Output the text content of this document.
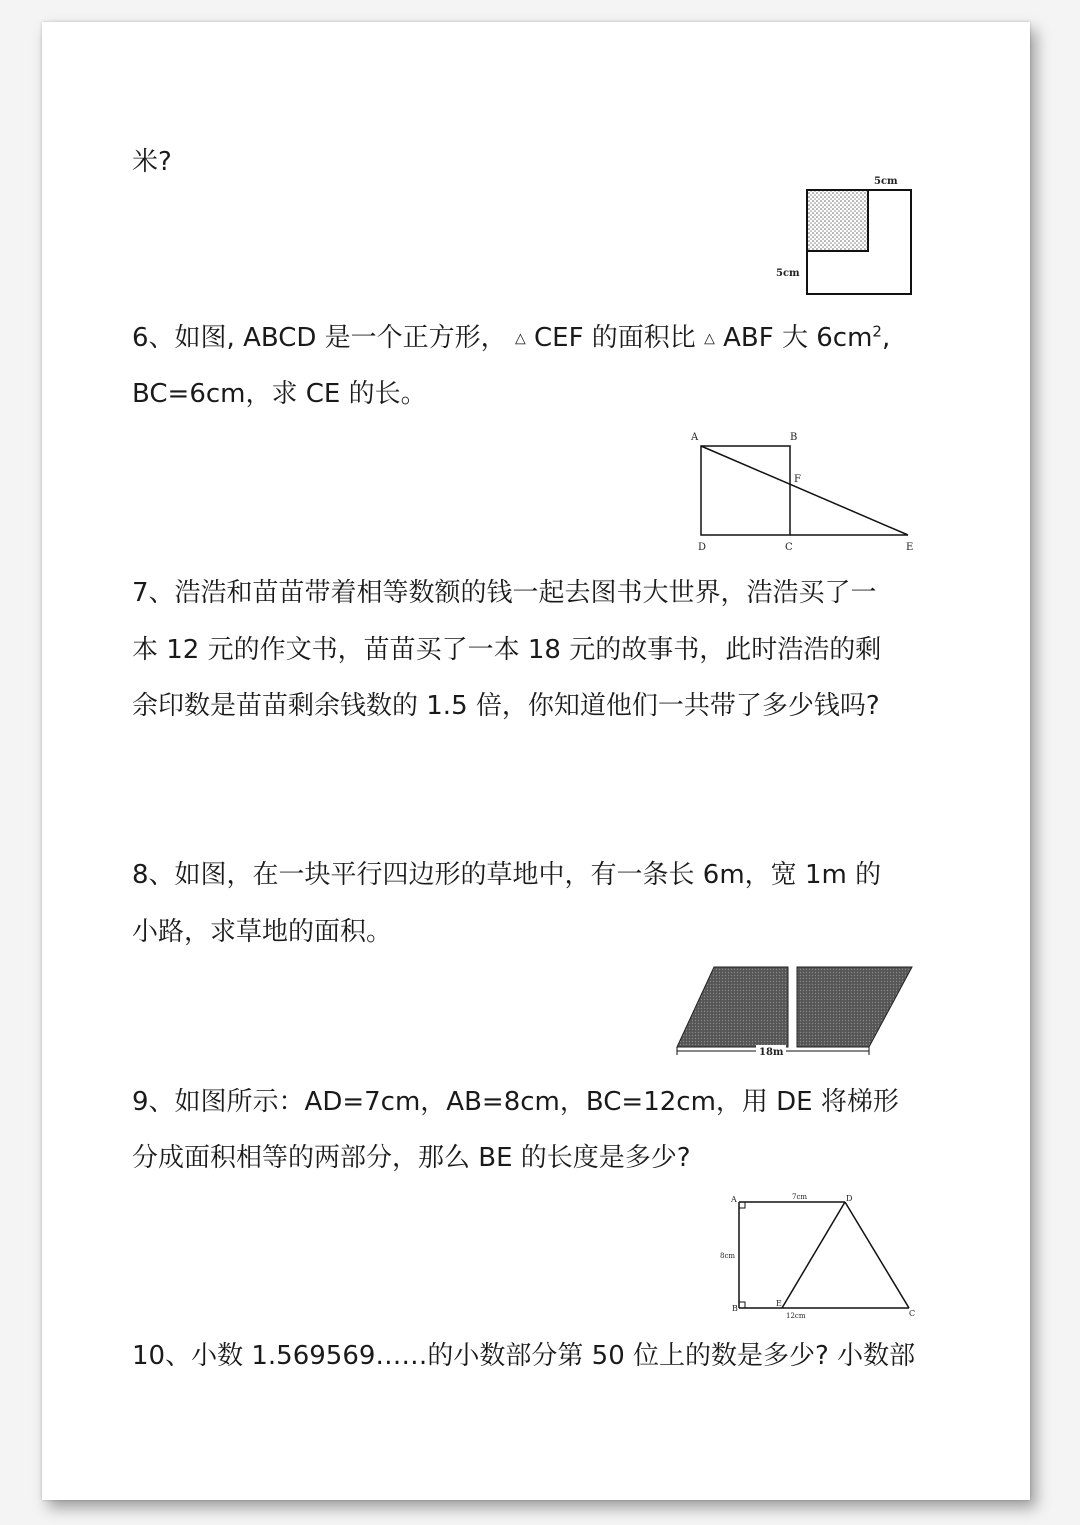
米?
5cm
5cm
6、如图, ABCD 是一个正方形， △ CEF 的面积比 △ ABF 大 $6cm^2$,
BC=6cm，求 CE 的长。
A	B
F
D	C	E
7、浩浩和苗苗带着相等数额的钱一起去图书大世界，浩浩买了一
本 12 元的作文书，苗苗买了一本 18 元的故事书，此时浩浩的剩
余印数是苗苗剩余钱数的 1.5 倍，你知道他们一共带了多少钱吗?
8、如图，在一块平行四边形的草地中，有一条长 6m，宽 1m 的
小路，求草地的面积。
18m
9、如图所示：AD=7cm，AB=8cm，BC=12cm，用 DE 将梯形
分成面积相等的两部分，那么 BE 的长度是多少?
A	D
B
E
C
7cm
8cm
12cm
10、小数 1.569569……的小数部分第 50 位上的数是多少? 小数部
